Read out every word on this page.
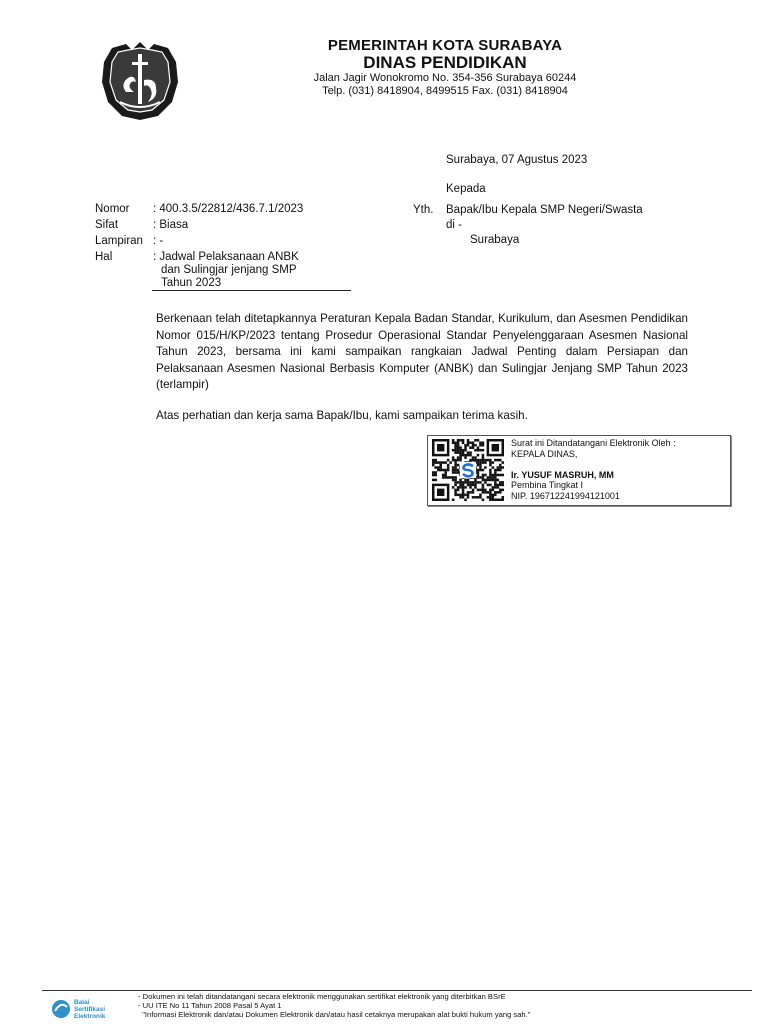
PEMERINTAH KOTA SURABAYA
DINAS PENDIDIKAN
Jalan Jagir Wonokromo No. 354-356 Surabaya 60244
Telp. (031) 8418904, 8499515 Fax. (031) 8418904
Surabaya, 07 Agustus 2023
Kepada
Nomor : 400.3.5/22812/436.7.1/2023
Sifat	: Biasa
Lampiran : -
Hal	: Jadwal Pelaksanaan ANBK
dan Sulingjar jenjang SMP
Tahun 2023
Yth. Bapak/Ibu Kepala SMP Negeri/Swasta
di -
Surabaya
Berkenaan telah ditetapkannya Peraturan Kepala Badan Standar, Kurikulum, dan Asesmen Pendidikan Nomor 015/H/KP/2023 tentang Prosedur Operasional Standar Penyelenggaraan Asesmen Nasional Tahun 2023, bersama ini kami sampaikan rangkaian Jadwal Penting dalam Persiapan dan Pelaksanaan Asesmen Nasional Berbasis Komputer (ANBK) dan Sulingjar Jenjang SMP Tahun 2023 (terlampir)
Atas perhatian dan kerja sama Bapak/Ibu, kami sampaikan terima kasih.
Surat ini Ditandatangani Elektronik Oleh :
KEPALA DINAS,
Ir. YUSUF MASRUH, MM
Pembina Tingkat I
NIP. 196712241994121001
Balai
Sertifikasi
Elektronik
- Dokumen ini telah ditandatangani secara elektronik menggunakan sertifikat elektronik yang diterbitkan BSrE
- UU ITE No 11 Tahun 2008 Pasal 5 Ayat 1
"Informasi Elektronik dan/atau Dokumen Elektronik dan/atau hasil cetaknya merupakan alat bukti hukum yang sah."
